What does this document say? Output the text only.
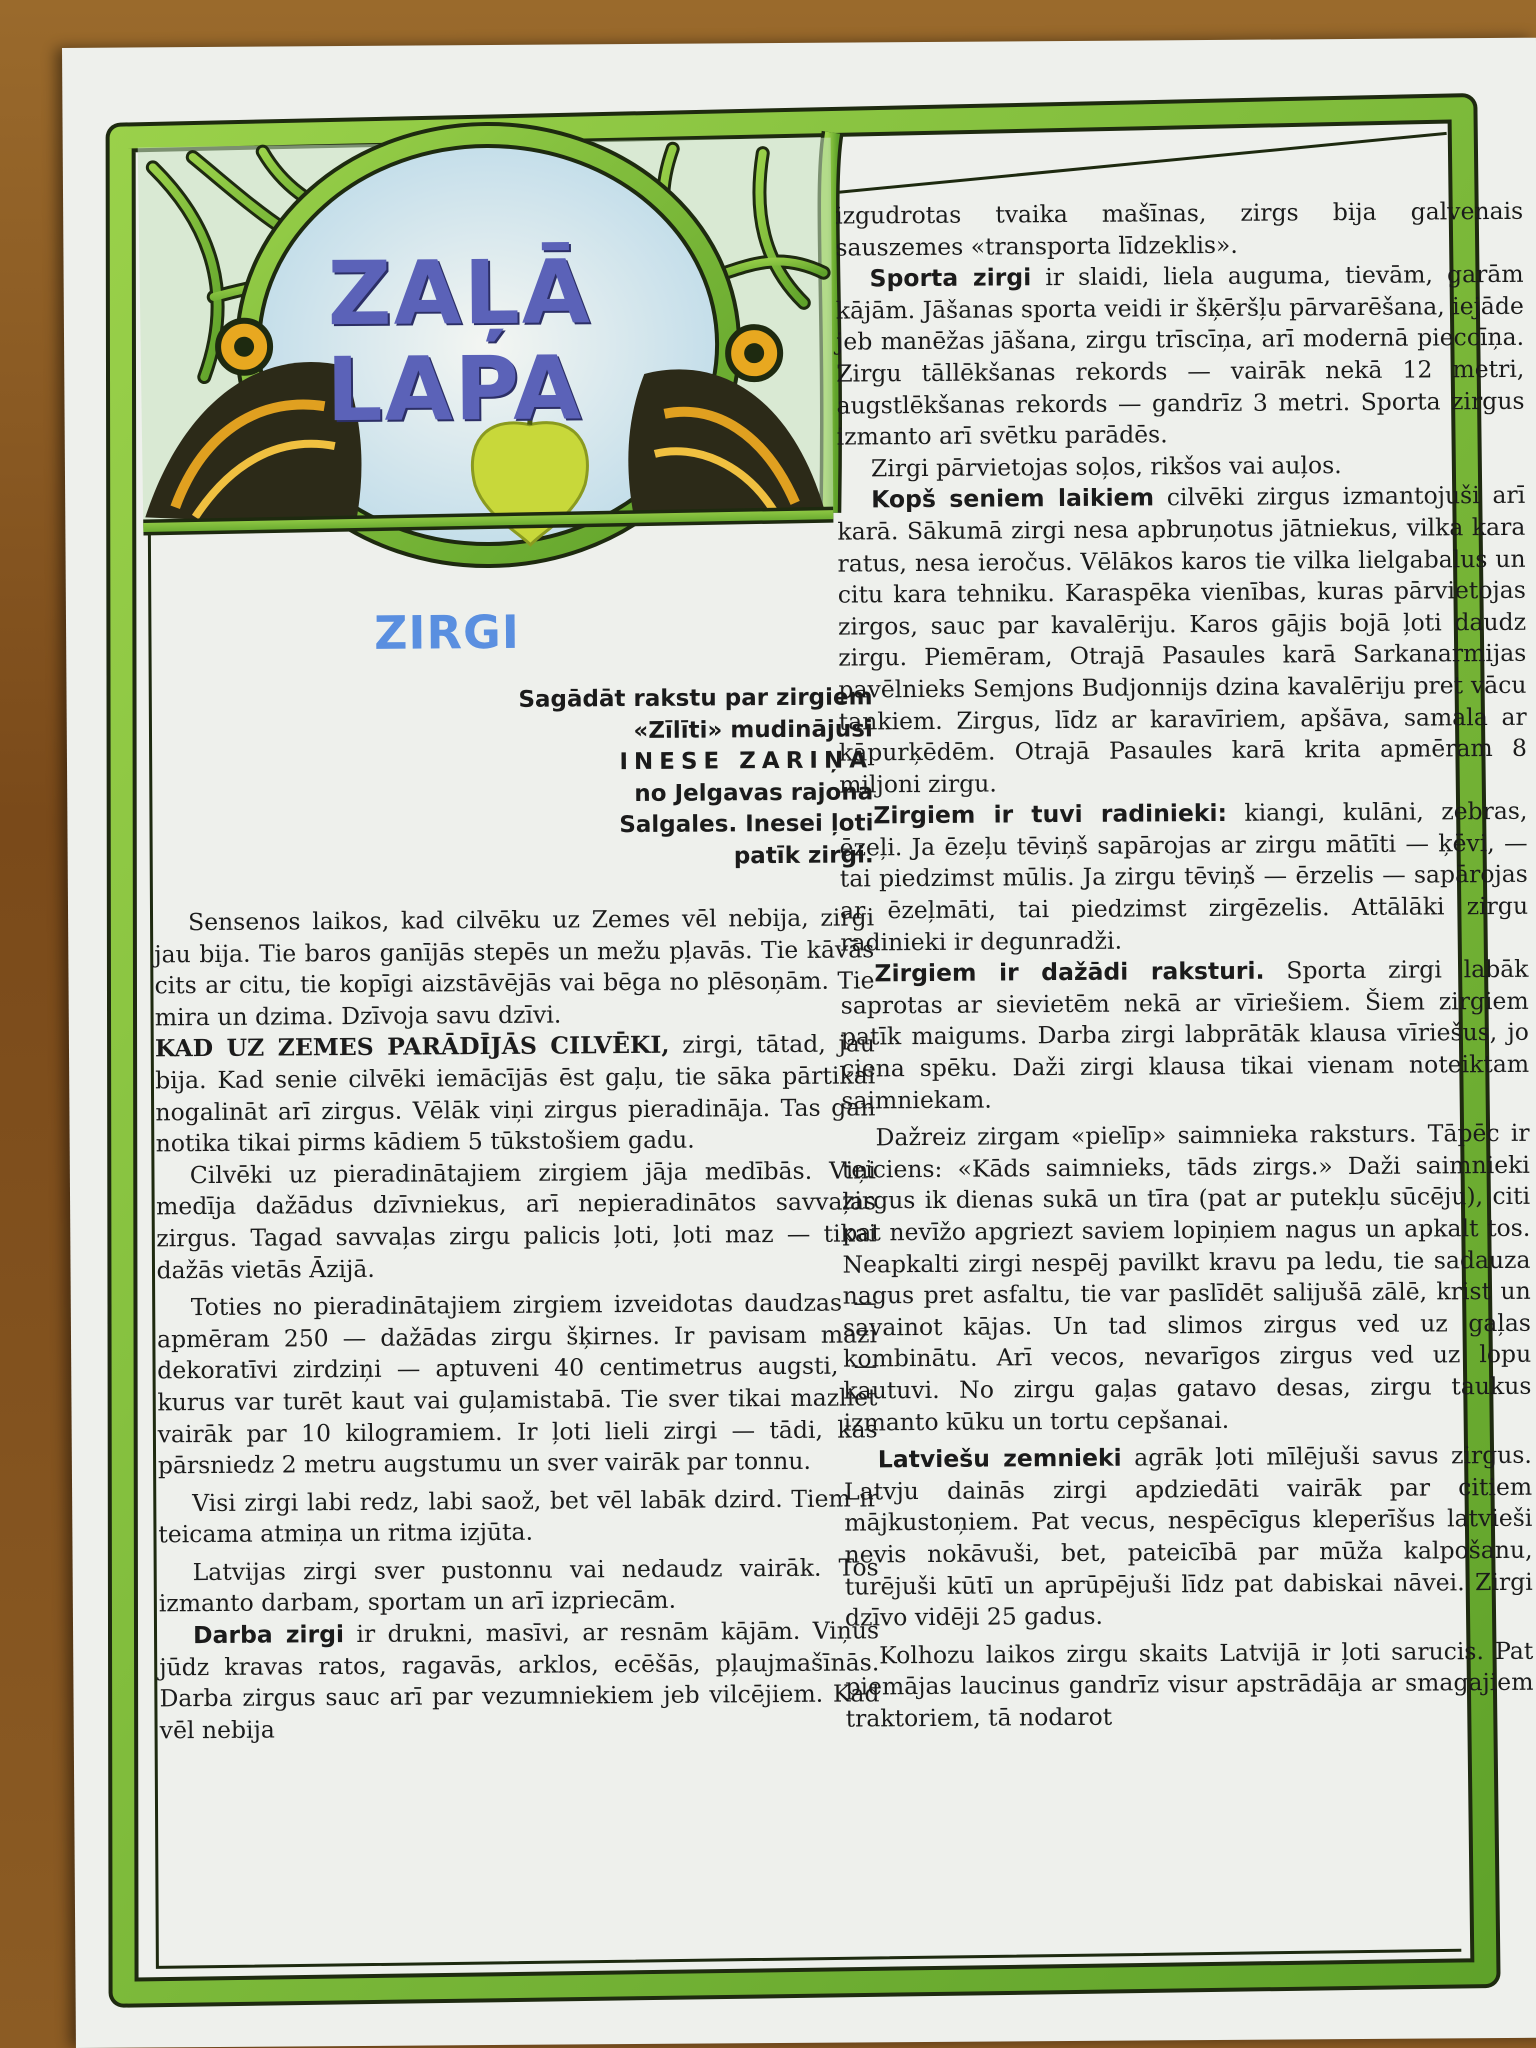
ZAĻĀ
LAPA
ZIRGI

Sagādāt rakstu par zirgiem

«Zīlīti» mudinājusi

INESE ZARIŅA

no Jelgavas rajona

Salgales. Inesei ļoti

patīk zirgi.

Sensenos laikos, kad cilvēku uz Zemes vēl nebija, zirgi jau bija. Tie baros ganījās stepēs un mežu pļavās. Tie kāvās cits ar citu, tie kopīgi aizstāvējās vai bēga no plēsoņām. Tie mira un dzima. Dzīvoja savu dzīvi.

KAD UZ ZEMES PARĀDĪJĀS CILVĒKI, zirgi, tātad, jau bija. Kad senie cilvēki iemācījās ēst gaļu, tie sāka pārtikai nogalināt arī zirgus. Vēlāk viņi zirgus pieradināja. Tas gan notika tikai pirms kādiem 5 tūkstošiem gadu.

Cilvēki uz pieradinātajiem zirgiem jāja medībās. Viņi medīja dažādus dzīvniekus, arī nepieradinātos savvaļas zirgus. Tagad savvaļas zirgu palicis ļoti, ļoti maz — tikai dažās vietās Āzijā.

Toties no pieradinātajiem zirgiem izveidotas daudzas — apmēram 250 — dažādas zirgu šķirnes. Ir pavisam mazi dekoratīvi zirdziņi — aptuveni 40 centimetrus augsti, — kurus var turēt kaut vai guļamistabā. Tie sver tikai mazliet vairāk par 10 kilogramiem. Ir ļoti lieli zirgi — tādi, kas pārsniedz 2 metru augstumu un sver vairāk par tonnu.

Visi zirgi labi redz, labi saož, bet vēl labāk dzird. Tiem ir teicama atmiņa un ritma izjūta.

Latvijas zirgi sver pustonnu vai nedaudz vairāk. Tos izmanto darbam, sportam un arī izpriecām.

Darba zirgi ir drukni, masīvi, ar resnām kājām. Viņus jūdz kravas ratos, ragavās, arklos, ecēšās, pļaujmašīnās. Darba zirgus sauc arī par vezumniekiem jeb vilcējiem. Kad vēl nebija

izgudrotas tvaika mašīnas, zirgs bija galvenais sauszemes «transporta līdzeklis».

Sporta zirgi ir slaidi, liela auguma, tievām, garām kājām. Jāšanas sporta veidi ir šķēršļu pārvarēšana, iejāde jeb manēžas jāšana, zirgu trīscīņa, arī modernā pieccīņa. Zirgu tāllēkšanas rekords — vairāk nekā 12 metri, augstlēkšanas rekords — gandrīz 3 metri. Sporta zirgus izmanto arī svētku parādēs.

Zirgi pārvietojas soļos, rikšos vai auļos.

Kopš seniem laikiem cilvēki zirgus izmantojuši arī karā. Sākumā zirgi nesa apbruņotus jātniekus, vilka kara ratus, nesa ieročus. Vēlākos karos tie vilka lielgabalus un citu kara tehniku. Karaspēka vienības, kuras pārvietojas zirgos, sauc par kavalēriju. Karos gājis bojā ļoti daudz zirgu. Piemēram, Otrajā Pasaules karā Sarkanarmijas pavēlnieks Semjons Budjonnijs dzina kavalēriju pret vācu tankiem. Zirgus, līdz ar karavīriem, apšāva, samala ar kāpurķēdēm. Otrajā Pasaules karā krita apmēram 8 miljoni zirgu.

Zirgiem ir tuvi radinieki: kiangi, kulāni, zebras, ēzeļi. Ja ēzeļu tēviņš sapārojas ar zirgu mātīti — ķēvi, — tai piedzimst mūlis. Ja zirgu tēviņš — ērzelis — sapārojas ar ēzeļmāti, tai piedzimst zirgēzelis. Attālāki zirgu radinieki ir degunradži.

Zirgiem ir dažādi raksturi. Sporta zirgi labāk saprotas ar sievietēm nekā ar vīriešiem. Šiem zirgiem patīk maigums. Darba zirgi labprātāk klausa vīriešus, jo ciena spēku. Daži zirgi klausa tikai vienam noteiktam saimniekam.

Dažreiz zirgam «pielīp» saimnieka raksturs. Tāpēc ir teiciens: «Kāds saimnieks, tāds zirgs.» Daži saimnieki zirgus ik dienas sukā un tīra (pat ar putekļu sūcēju), citi pat nevīžo apgriezt saviem lopiņiem nagus un apkalt tos. Neapkalti zirgi nespēj pavilkt kravu pa ledu, tie sadauza nagus pret asfaltu, tie var paslīdēt salijušā zālē, krist un savainot kājas. Un tad slimos zirgus ved uz gaļas kombinātu. Arī vecos, nevarīgos zirgus ved uz lopu kautuvi. No zirgu gaļas gatavo desas, zirgu taukus izmanto kūku un tortu cepšanai.

Latviešu zemnieki agrāk ļoti mīlējuši savus zirgus. Latvju dainās zirgi apdziedāti vairāk par citiem mājkustoņiem. Pat vecus, nespēcīgus kleperīšus latvieši nevis nokāvuši, bet, pateicībā par mūža kalpošanu, turējuši kūtī un aprūpējuši līdz pat dabiskai nāvei. Zirgi dzīvo vidēji 25 gadus.

Kolhozu laikos zirgu skaits Latvijā ir ļoti sarucis. Pat piemājas laucinus gandrīz visur apstrādāja ar smagajiem traktoriem, tā nodarot
